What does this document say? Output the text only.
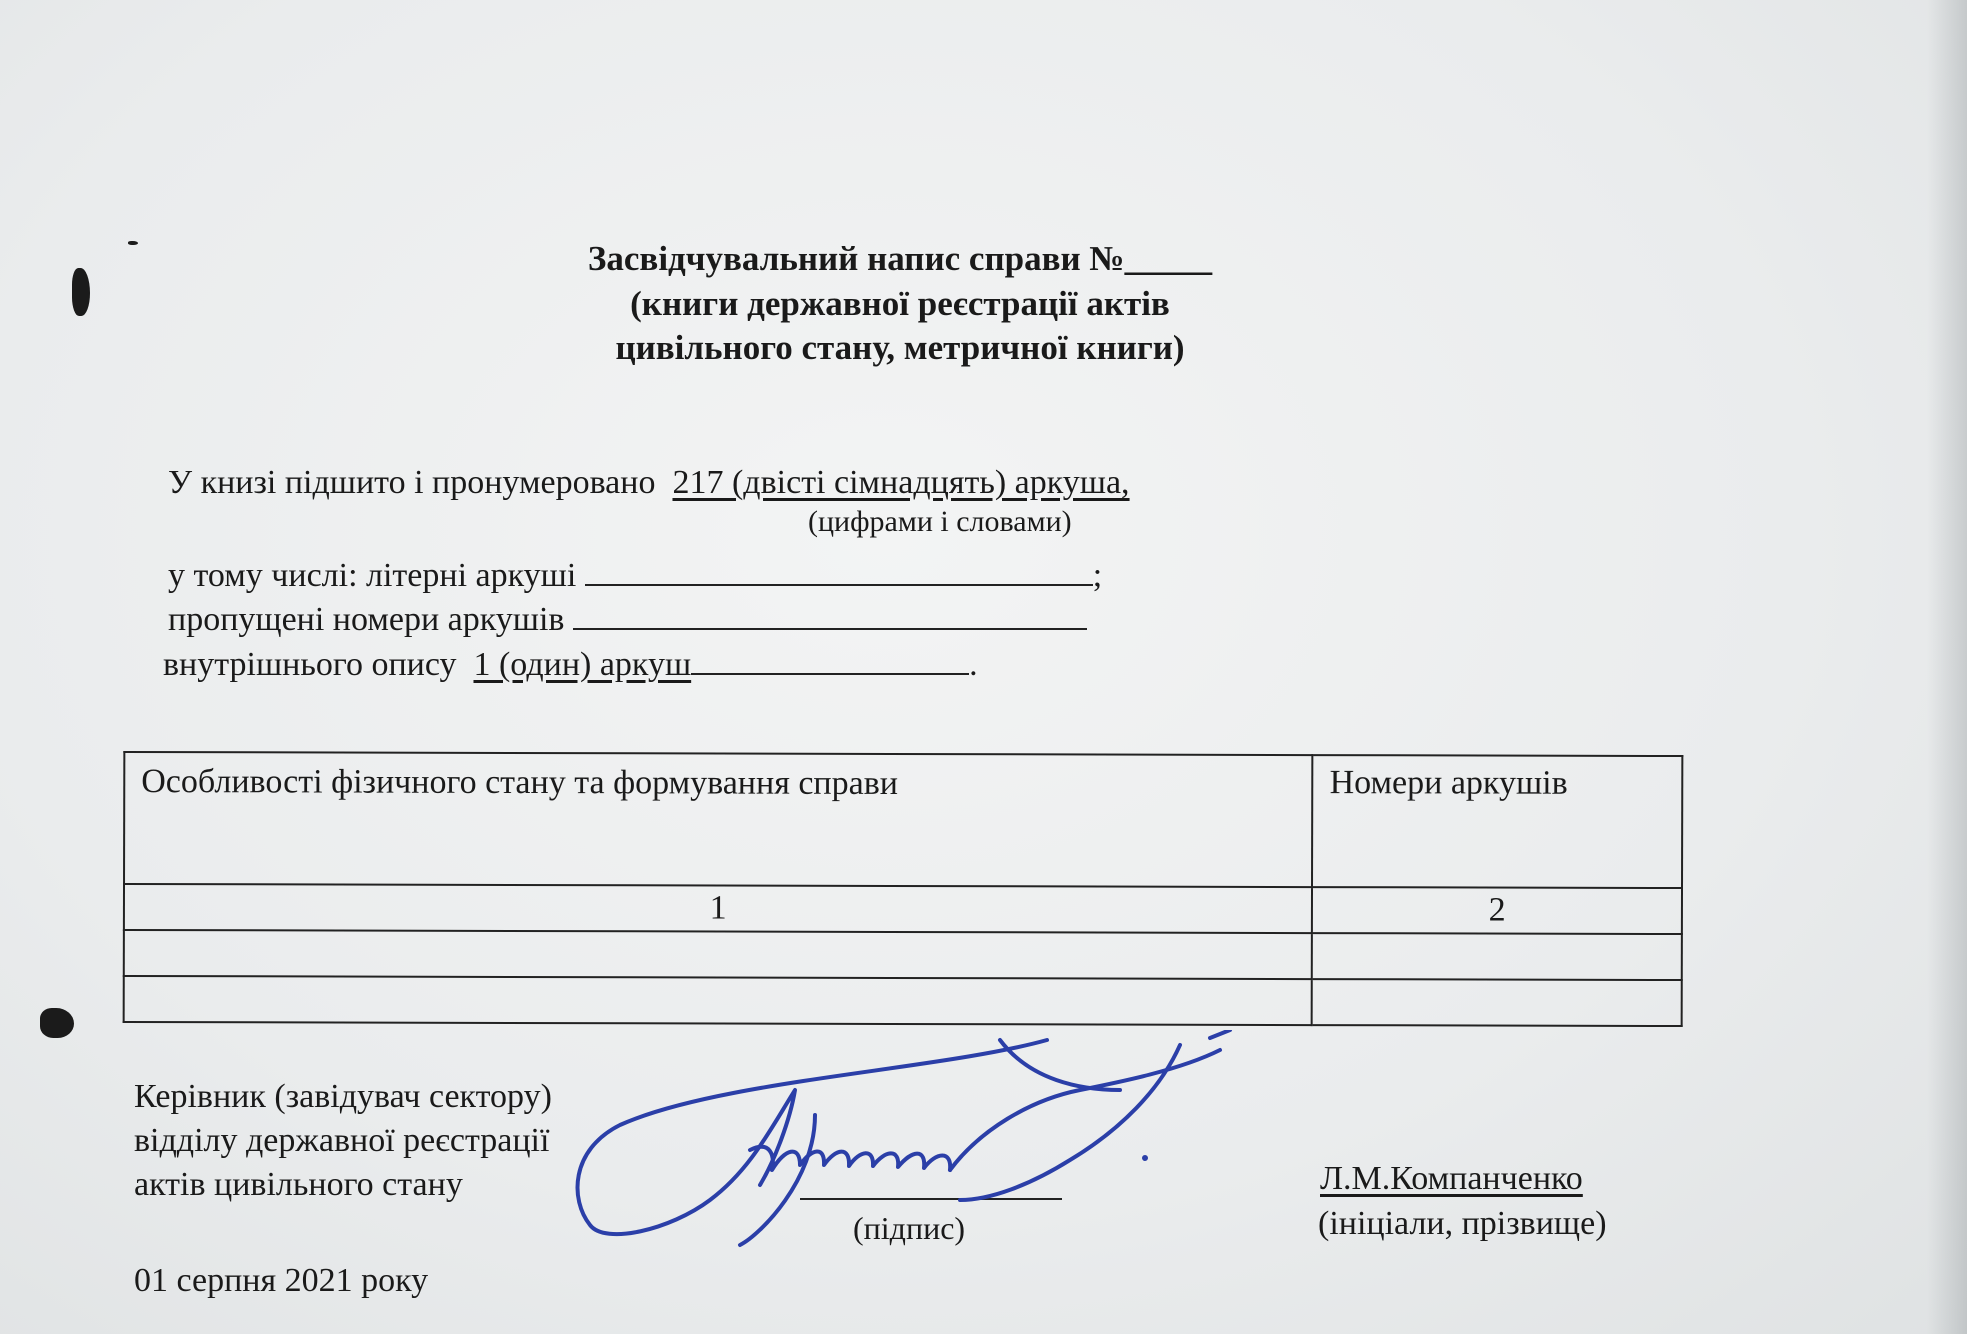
Засвідчувальний напис справи №_____
(книги державної реєстрації актів
цивільного стану, метричної книги)
У книзі підшито і пронумеровано 217 (двісті сімнадцять) аркуша,
(цифрами і словами)
у тому числі: літерні аркуші	;
пропущені номери аркушів
внутрішнього опису 1 (один) аркуш	.
Особливості фізичного стану та формування справи	Номери аркушів
1	2

Керівник (завідувач сектору)
відділу державної реєстрації
актів цивільного стану
(підпис)
Л.М.Компанченко
(ініціали, прізвище)
01 серпня 2021 року
